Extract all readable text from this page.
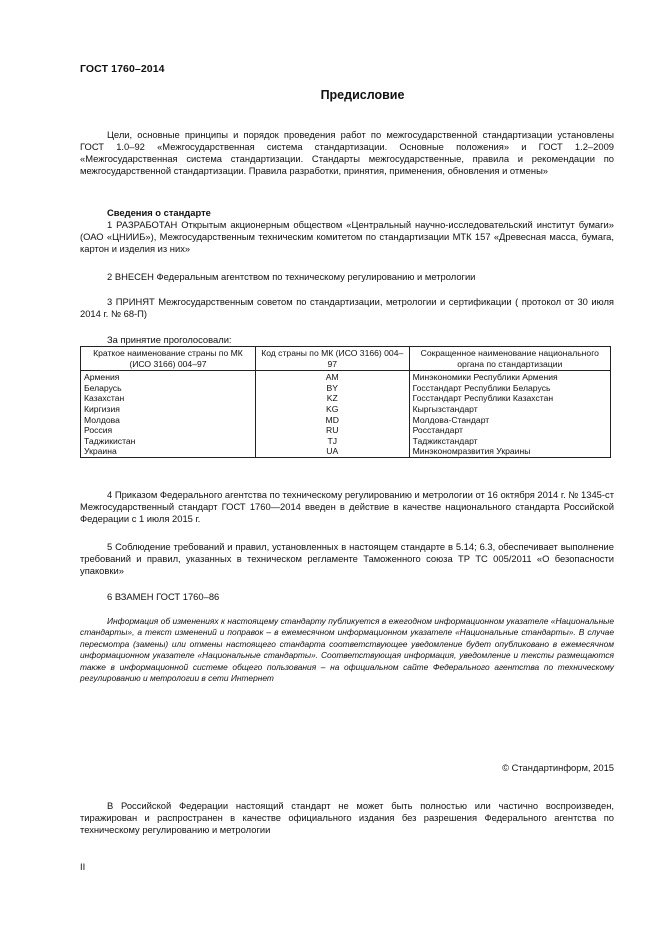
ГОСТ 1760–2014
Предисловие
Цели, основные принципы и порядок проведения работ по межгосударственной стандартизации установлены ГОСТ 1.0–92 «Межгосударственная система стандартизации. Основные положения» и ГОСТ 1.2–2009 «Межгосударственная система стандартизации. Стандарты межгосударственные, правила и рекомендации по межгосударственной стандартизации. Правила разработки, принятия, применения, обновления и отмены»
Сведения о стандарте
1 РАЗРАБОТАН Открытым акционерным обществом «Центральный научно-исследовательский институт бумаги» (ОАО «ЦНИИБ»), Межгосударственным техническим комитетом по стандартизации МТК 157 «Древесная масса, бумага, картон и изделия из них»
2 ВНЕСЕН Федеральным агентством по техническому регулированию и метрологии
3 ПРИНЯТ Межгосударственным советом по стандартизации, метрологии и сертификации ( протокол от 30 июля 2014 г. № 68-П)
За принятие проголосовали:
Краткое наименование страны по МК (ИСО 3166) 004–97	Код страны по МК (ИСО 3166) 004–97	Сокращенное наименование национального органа по стандартизации
Армения	AM	Минэкономики Республики Армения
Беларусь	BY	Госстандарт Республики Беларусь
Казахстан	KZ	Госстандарт Республики Казахстан
Киргизия	KG	Кыргызстандарт
Молдова	MD	Молдова-Стандарт
Россия	RU	Росстандарт
Таджикистан	TJ	Таджикстандарт
Украина	UA	Минэкономразвития Украины
4 Приказом Федерального агентства по техническому регулированию и метрологии от 16 октября 2014 г. № 1345-ст Межгосударственный стандарт ГОСТ 1760—2014 введен в действие в качестве национального стандарта Российской Федерации с 1 июля 2015 г.
5 Соблюдение требований и правил, установленных в настоящем стандарте в 5.14; 6.3, обеспечивает выполнение требований и правил, указанных в техническом регламенте Таможенного союза ТР ТС 005/2011 «О безопасности упаковки»
6 ВЗАМЕН ГОСТ 1760–86
Информация об изменениях к настоящему стандарту публикуется в ежегодном информационном указателе «Национальные стандарты», а текст изменений и поправок – в ежемесячном информационном указателе «Национальные стандарты». В случае пересмотра (замены) или отмены настоящего стандарта соответствующее уведомление будет опубликовано в ежемесячном информационном указателе «Национальные стандарты». Соответствующая информация, уведомление и тексты размещаются также в информационной системе общего пользования – на официальном сайте Федерального агентства по техническому регулированию и метрологии в сети Интернет
© Стандартинформ, 2015
В Российской Федерации настоящий стандарт не может быть полностью или частично воспроизведен, тиражирован и распространен в качестве официального издания без разрешения Федерального агентства по техническому регулированию и метрологии
II
